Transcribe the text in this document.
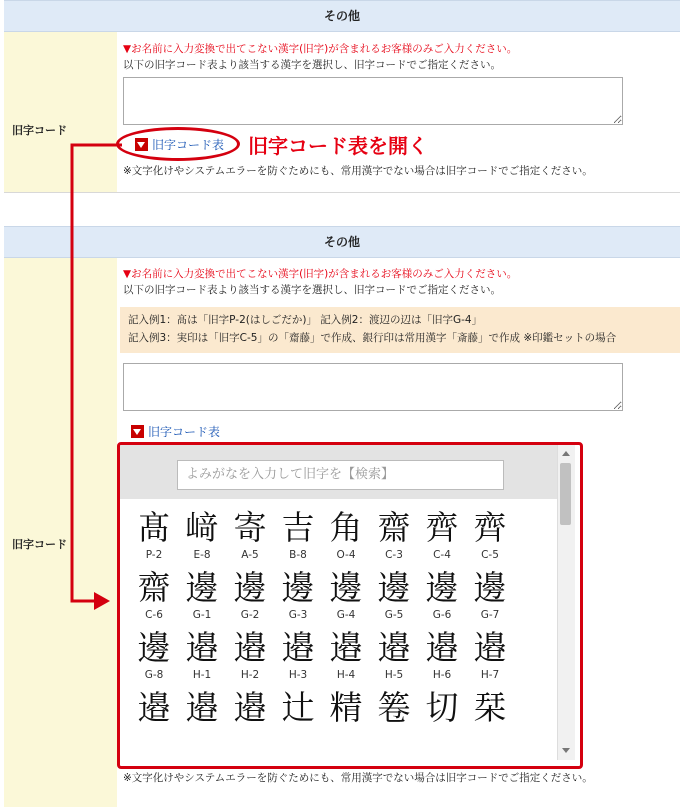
その他
旧字コード
▼お名前に入力変換で出てこない漢字(旧字)が含まれるお客様のみご入力ください。
以下の旧字コード表より該当する漢字を選択し、旧字コードでご指定ください。
旧字コード表 旧字コード表を開く
※文字化けやシステムエラーを防ぐためにも、常用漢字でない場合は旧字コードでご指定ください。
その他
旧字コード
▼お名前に入力変換で出てこない漢字(旧字)が含まれるお客様のみご入力ください。
以下の旧字コード表より該当する漢字を選択し、旧字コードでご指定ください。
記入例1：髙は「旧字P-2(はしごだか)」 記入例2：渡辺の辺は「旧字G-4」
記入例3：実印は「旧字C-5」の「齋藤」で作成、銀行印は常用漢字「斎藤」で作成 ※印鑑セットの場合
旧字コード表
よみがなを入力して旧字を【検索】
髙
P-2
﨑
E-8
寄
A-5
吉
B-8
角
O-4
齋
C-3
齊
C-4
齊
C-5
齋
C-6
邊
G-1
邊
G-2
邊
G-3
邊
G-4
邊
G-5
邊
G-6
邊
G-7
邊
G-8
邉
H-1
邉
H-2
邉
H-3
邉
H-4
邉
H-5
邉
H-6
邉
H-7
邉 邉 邉 辻 精 箞 切 栞
※文字化けやシステムエラーを防ぐためにも、常用漢字でない場合は旧字コードでご指定ください。
